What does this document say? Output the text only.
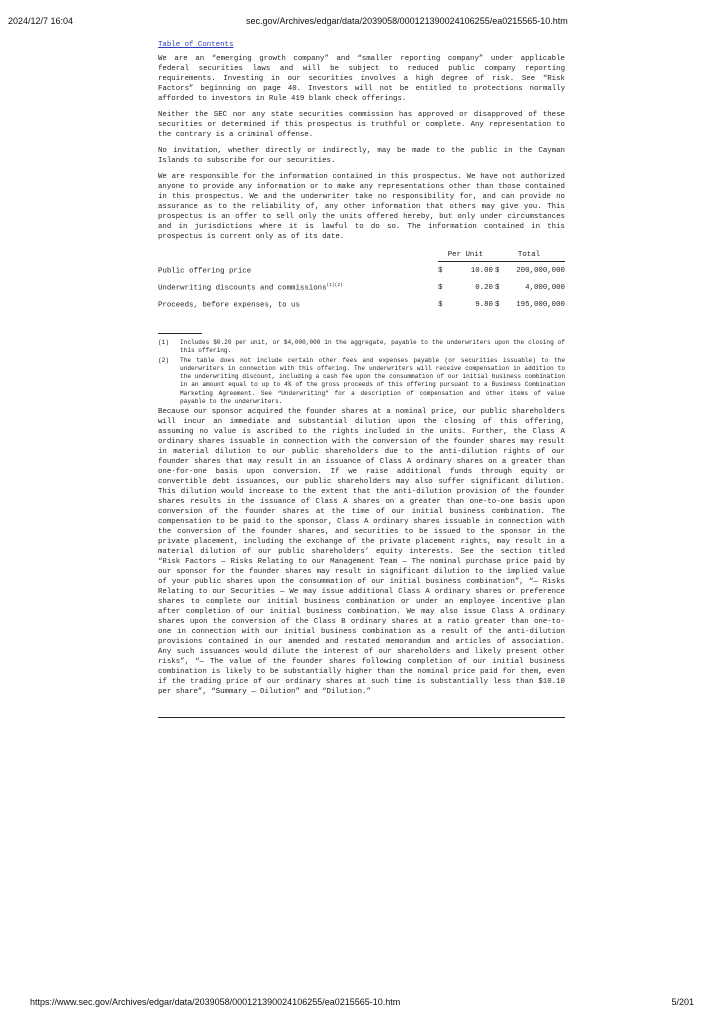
2024/12/7 16:04	sec.gov/Archives/edgar/data/2039058/000121390024106255/ea0215565-10.htm
Table of Contents

We are an “emerging growth company” and “smaller reporting company” under applicable federal securities laws and will be subject to reduced public company reporting requirements. Investing in our securities involves a high degree of risk. See “Risk Factors” beginning on page 40. Investors will not be entitled to protections normally afforded to investors in Rule 419 blank check offerings.

Neither the SEC nor any state securities commission has approved or disapproved of these securities or determined if this prospectus is truthful or complete. Any representation to the contrary is a criminal offense.

No invitation, whether directly or indirectly, may be made to the public in the Cayman Islands to subscribe for our securities.

We are responsible for the information contained in this prospectus. We have not authorized anyone to provide any information or to make any representations other than those contained in this prospectus. We and the underwriter take no responsibility for, and can provide no assurance as to the reliability of, any other information that others may give you. This prospectus is an offer to sell only the units offered hereby, but only under circumstances and in jurisdictions where it is lawful to do so. The information contained in this prospectus is current only as of its date.

	Per Unit		Total	
Public offering price	$	10.00	$	200,000,000
Underwriting discounts and commissions$^{(1)(2)}$	$	0.20	$	4,000,000
Proceeds, before expenses, to us	$	9.80	$	195,000,000
(1)	Includes $0.20 per unit, or $4,000,000 in the aggregate, payable to the underwriters upon the closing of this offering.
(2)	The table does not include certain other fees and expenses payable (or securities issuable) to the underwriters in connection with this offering. The underwriters will receive compensation in addition to the underwriting discount, including a cash fee upon the consummation of our initial business combination in an amount equal to up to 4% of the gross proceeds of this offering pursuant to a Business Combination Marketing Agreement. See “Underwriting” for a description of compensation and other items of value payable to the underwriters.

Because our sponsor acquired the founder shares at a nominal price, our public shareholders will incur an immediate and substantial dilution upon the closing of this offering, assuming no value is ascribed to the rights included in the units. Further, the Class A ordinary shares issuable in connection with the conversion of the founder shares may result in material dilution to our public shareholders due to the anti-dilution rights of our founder shares that may result in an issuance of Class A ordinary shares on a greater than one-for-one basis upon conversion. If we raise additional funds through equity or convertible debt issuances, our public shareholders may also suffer significant dilution. This dilution would increase to the extent that the anti-dilution provision of the founder shares results in the issuance of Class A shares on a greater than one-to-one basis upon conversion of the founder shares at the time of our initial business combination. The compensation to be paid to the sponsor, Class A ordinary shares issuable in connection with the conversion of the founder shares, and securities to be issued to the sponsor in the private placement, including the exchange of the private placement rights, may result in a material dilution of our public shareholders’ equity interests. See the section titled “Risk Factors — Risks Relating to our Management Team — The nominal purchase price paid by our sponsor for the founder shares may result in significant dilution to the implied value of your public shares upon the consummation of our initial business combination”, “— Risks Relating to our Securities — We may issue additional Class A ordinary shares or preference shares to complete our initial business combination or under an employee incentive plan after completion of our initial business combination. We may also issue Class A ordinary shares upon the conversion of the Class B ordinary shares at a ratio greater than one-to-one in connection with our initial business combination as a result of the anti-dilution provisions contained in our amended and restated memorandum and articles of association. Any such issuances would dilute the interest of our shareholders and likely present other risks”, “— The value of the founder shares following completion of our initial business combination is likely to be substantially higher than the nominal price paid for them, even if the trading price of our ordinary shares at such time is substantially less than $10.10 per share”, “Summary — Dilution” and “Dilution.”

https://www.sec.gov/Archives/edgar/data/2039058/000121390024106255/ea0215565-10.htm	5/201
